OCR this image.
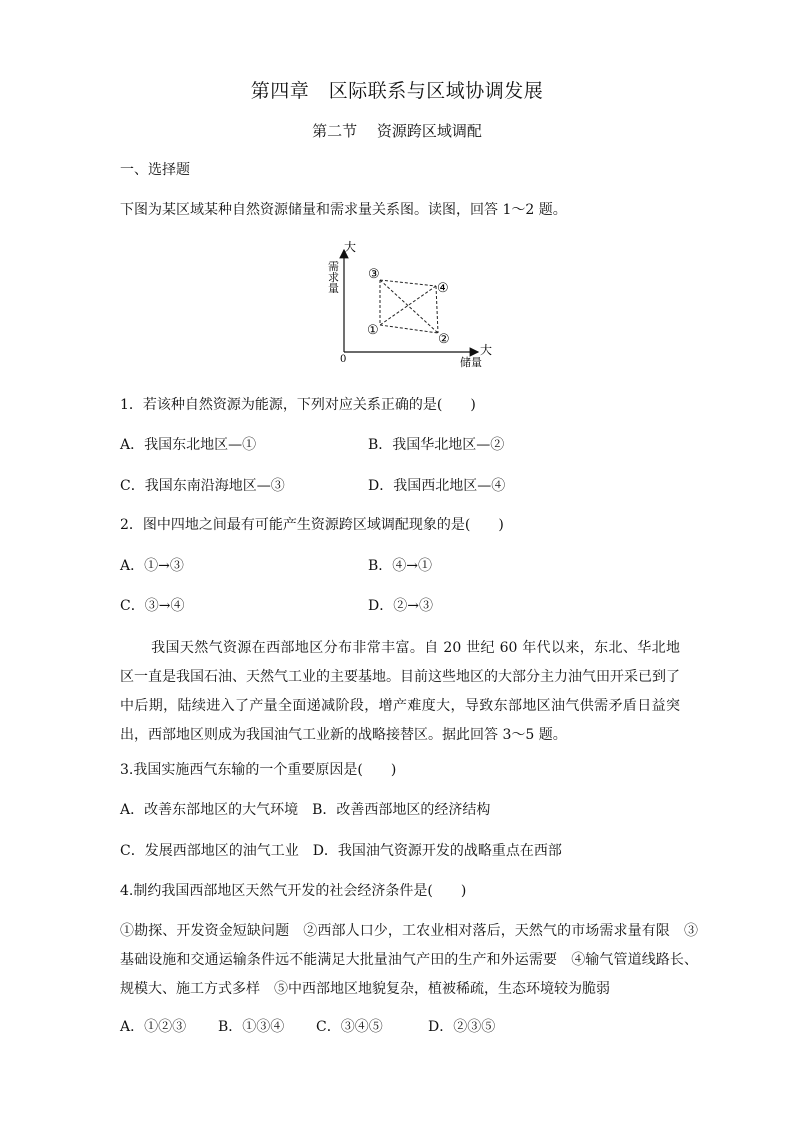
第四章　区际联系与区域协调发展
第二节　 资源跨区域调配
一、选择题
下图为某区域某种自然资源储量和需求量关系图。读图，回答 1～2 题。
大
需 求 量
大
储量
0
③
④
①
②
1．若该种自然资源为能源，下列对应关系正确的是(　　)
A．我国东北地区—①	B．我国华北地区—②
C．我国东南沿海地区—③	D．我国西北地区—④
2．图中四地之间最有可能产生资源跨区域调配现象的是(　　)
A．①→③	B．④→①
C．③→④	D．②→③
我国天然气资源在西部地区分布非常丰富。自 20 世纪 60 年代以来，东北、华北地区一直是我国石油、天然气工业的主要基地。目前这些地区的大部分主力油气田开采已到了中后期，陆续进入了产量全面递减阶段，增产难度大，导致东部地区油气供需矛盾日益突出，西部地区则成为我国油气工业新的战略接替区。据此回答 3～5 题。
3.我国实施西气东输的一个重要原因是(　　)
A．改善东部地区的大气环境　B．改善西部地区的经济结构
C．发展西部地区的油气工业　D．我国油气资源开发的战略重点在西部
4.制约我国西部地区天然气开发的社会经济条件是(　　)
①勘探、开发资金短缺问题　②西部人口少，工农业相对落后，天然气的市场需求量有限　③基础设施和交通运输条件远不能满足大批量油气产田的生产和外运需要　④输气管道线路长、规模大、施工方式多样　⑤中西部地区地貌复杂，植被稀疏，生态环境较为脆弱
A．①②③ B．①③④ C．③④⑤	D．②③⑤
